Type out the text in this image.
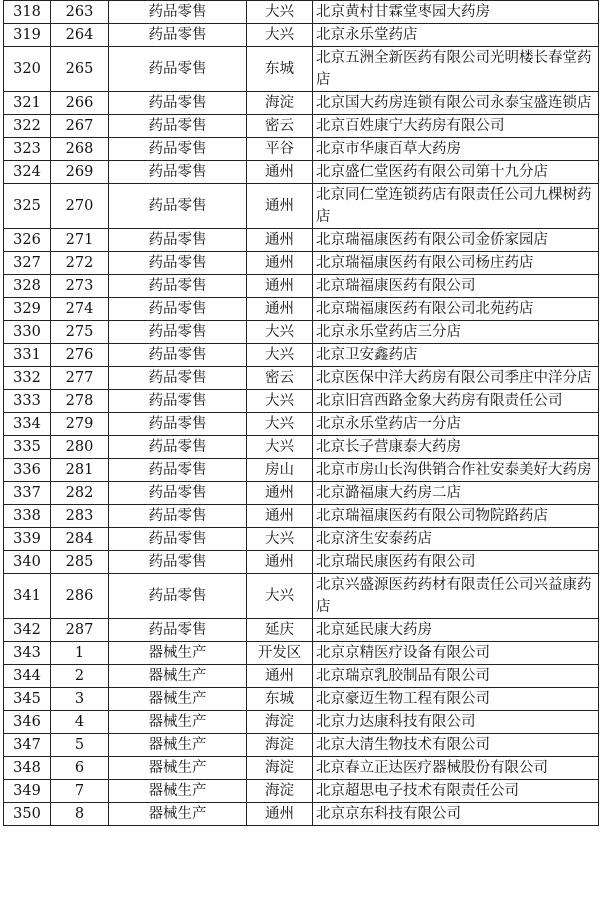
318	263	药品零售	大兴	北京黄村甘霖堂枣园大药房
319	264	药品零售	大兴	北京永乐堂药店
320	265	药品零售	东城	北京五洲全新医药有限公司光明楼长春堂药店
321	266	药品零售	海淀	北京国大药房连锁有限公司永泰宝盛连锁店
322	267	药品零售	密云	北京百姓康宁大药房有限公司
323	268	药品零售	平谷	北京市华康百草大药房
324	269	药品零售	通州	北京盛仁堂医药有限公司第十九分店
325	270	药品零售	通州	北京同仁堂连锁药店有限责任公司九棵树药店
326	271	药品零售	通州	北京瑞福康医药有限公司金侨家园店
327	272	药品零售	通州	北京瑞福康医药有限公司杨庄药店
328	273	药品零售	通州	北京瑞福康医药有限公司
329	274	药品零售	通州	北京瑞福康医药有限公司北苑药店
330	275	药品零售	大兴	北京永乐堂药店三分店
331	276	药品零售	大兴	北京卫安鑫药店
332	277	药品零售	密云	北京医保中洋大药房有限公司季庄中洋分店
333	278	药品零售	大兴	北京旧宫西路金象大药房有限责任公司
334	279	药品零售	大兴	北京永乐堂药店一分店
335	280	药品零售	大兴	北京长子营康泰大药房
336	281	药品零售	房山	北京市房山长沟供销合作社安泰美好大药房
337	282	药品零售	通州	北京潞福康大药房二店
338	283	药品零售	通州	北京瑞福康医药有限公司物院路药店
339	284	药品零售	大兴	北京济生安泰药店
340	285	药品零售	通州	北京瑞民康医药有限公司
341	286	药品零售	大兴	北京兴盛源医药药材有限责任公司兴益康药店
342	287	药品零售	延庆	北京延民康大药房
343	1	器械生产	开发区	北京京精医疗设备有限公司
344	2	器械生产	通州	北京瑞京乳胶制品有限公司
345	3	器械生产	东城	北京豪迈生物工程有限公司
346	4	器械生产	海淀	北京力达康科技有限公司
347	5	器械生产	海淀	北京大清生物技术有限公司
348	6	器械生产	海淀	北京春立正达医疗器械股份有限公司
349	7	器械生产	海淀	北京超思电子技术有限责任公司
350	8	器械生产	通州	北京京东科技有限公司
